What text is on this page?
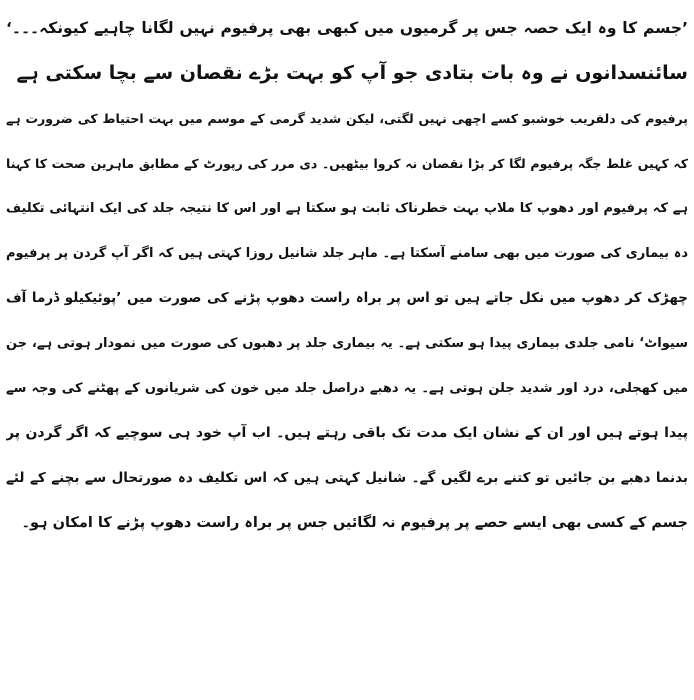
’جسم کا وہ ایک حصہ جس پر گرمیوں میں کبھی بھی پرفیوم نہیں لگانا چاہیے کیونکہ۔۔۔‘
سائنسدانوں نے وہ بات بتادی جو آپ کو بہت بڑے نقصان سے بچا سکتی ہے
پرفیوم کی دلفریب خوشبو کسے اچھی نہیں لگتی، لیکن شدید گرمی کے موسم میں بہت احتیاط کی ضرورت ہے
کہ کہیں غلط جگہ پرفیوم لگا کر بڑا نقصان نہ کروا بیٹھیں۔ دی مرر کی رپورٹ کے مطابق ماہرین صحت کا کہنا
ہے کہ پرفیوم اور دھوپ کا ملاپ بہت خطرناک ثابت ہو سکتا ہے اور اس کا نتیجہ جلد کی ایک انتہائی تکلیف
دہ بیماری کی صورت میں بھی سامنے آسکتا ہے۔ ماہر جلد شانیل روزا کہتی ہیں کہ اگر آپ گردن پر پرفیوم
چھڑک کر دھوپ میں نکل جاتے ہیں تو اس پر براہ راست دھوپ پڑنے کی صورت میں ’پوئیکیلو ڈرما آف
سیواٹ‘ نامی جلدی بیماری پیدا ہو سکتی ہے۔ یہ بیماری جلد پر دھبوں کی صورت میں نمودار ہوتی ہے، جن
میں کھجلی، درد اور شدید جلن ہوتی ہے۔ یہ دھبے دراصل جلد میں خون کی شریانوں کے پھٹنے کی وجہ سے
پیدا ہوتے ہیں اور ان کے نشان ایک مدت تک باقی رہتے ہیں۔ اب آپ خود ہی سوچیے کہ اگر گردن پر
بدنما دھبے بن جائیں تو کتنے برے لگیں گے۔ شانیل کہتی ہیں کہ اس تکلیف دہ صورتحال سے بچنے کے لئے
جسم کے کسی بھی ایسے حصے پر پرفیوم نہ لگائیں جس پر براہ راست دھوپ پڑنے کا امکان ہو۔
